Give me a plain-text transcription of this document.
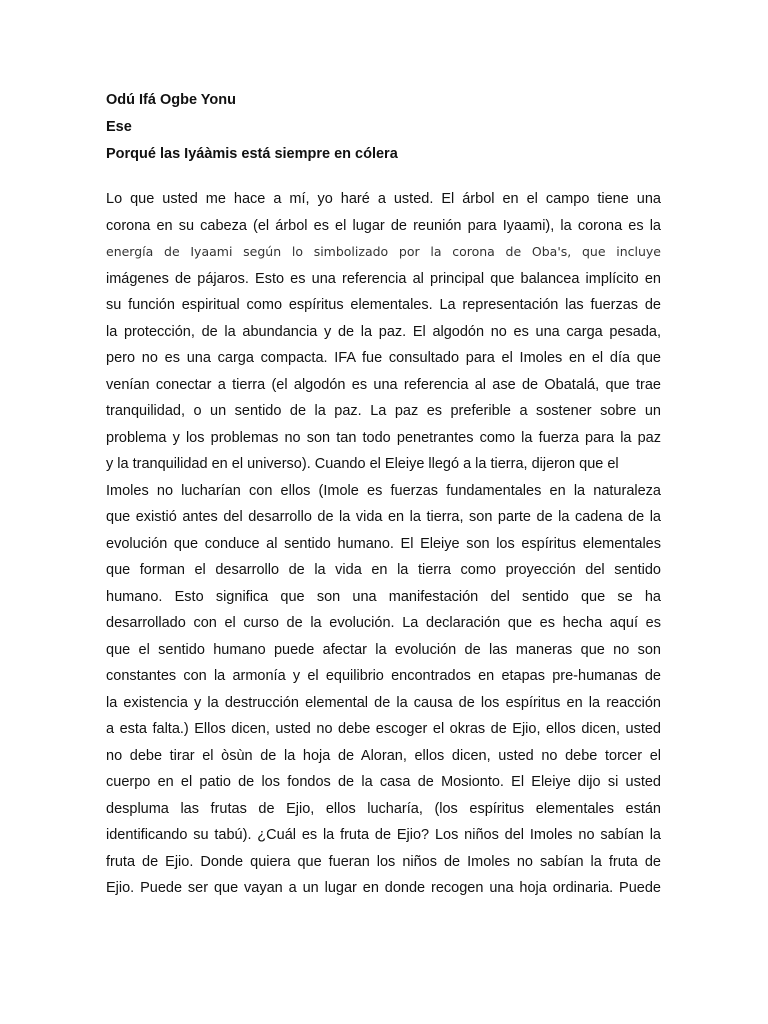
Odú Ifá Ogbe Yonu
Ese
Porqué las Iyáàmis está siempre en cólera
Lo que usted me hace a mí, yo haré a usted. El árbol en el campo tiene una
corona en su cabeza (el árbol es el lugar de reunión para Iyaami), la corona es la
energía de Iyaami según lo simbolizado por la corona de Oba's, que incluye
imágenes de pájaros. Esto es una referencia al principal que balancea implícito en
su función espiritual como espíritus elementales. La representación las fuerzas de
la protección, de la abundancia y de la paz. El algodón no es una carga pesada,
pero no es una carga compacta. IFA fue consultado para el Imoles en el día que
venían conectar a tierra (el algodón es una referencia al ase de Obatalá, que trae
tranquilidad, o un sentido de la paz. La paz es preferible a sostener sobre un
problema y los problemas no son tan todo penetrantes como la fuerza para la paz
y la tranquilidad en el universo). Cuando el Eleiye llegó a la tierra, dijeron que el
Imoles no lucharían con ellos (Imole es fuerzas fundamentales en la naturaleza
que existió antes del desarrollo de la vida en la tierra, son parte de la cadena de la
evolución que conduce al sentido humano. El Eleiye son los espíritus elementales
que forman el desarrollo de la vida en la tierra como proyección del sentido
humano. Esto significa que son una manifestación del sentido que se ha
desarrollado con el curso de la evolución. La declaración que es hecha aquí es
que el sentido humano puede afectar la evolución de las maneras que no son
constantes con la armonía y el equilibrio encontrados en etapas pre-humanas de
la existencia y la destrucción elemental de la causa de los espíritus en la reacción
a esta falta.) Ellos dicen, usted no debe escoger el okras de Ejio, ellos dicen, usted
no debe tirar el òsùn de la hoja de Aloran, ellos dicen, usted no debe torcer el
cuerpo en el patio de los fondos de la casa de Mosionto. El Eleiye dijo si usted
despluma las frutas de Ejio, ellos lucharía, (los espíritus elementales están
identificando su tabú). ¿Cuál es la fruta de Ejio? Los niños del Imoles no sabían la
fruta de Ejio. Donde quiera que fueran los niños de Imoles no sabían la fruta de
Ejio. Puede ser que vayan a un lugar en donde recogen una hoja ordinaria. Puede
